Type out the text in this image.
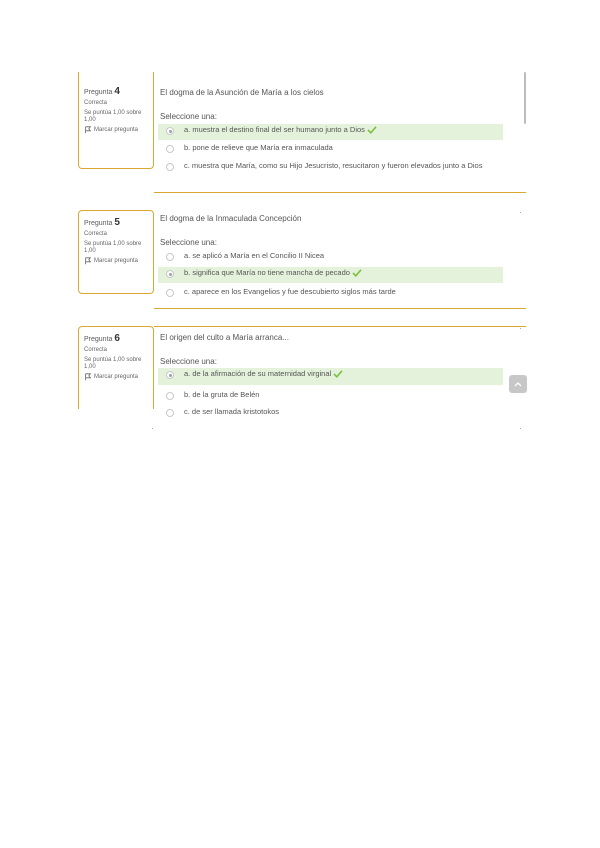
Pregunta 4
Correcta
Se puntúa 1,00 sobre 1,00
Marcar pregunta
El dogma de la Asunción de María a los cielos
Seleccione una:
a. muestra el destino final del ser humano junto a Dios
b. pone de relieve que María era inmaculada
c. muestra que María, como su Hijo Jesucristo, resucitaron y fueron elevados junto a Dios
Pregunta 5
Correcta
Se puntúa 1,00 sobre 1,00
Marcar pregunta
El dogma de la Inmaculada Concepción
Seleccione una:
a. se aplicó a María en el Concilio II Nicea
b. significa que María no tiene mancha de pecado
c. aparece en los Evangelios y fue descubierto siglos más tarde
Pregunta 6
Correcta
Se puntúa 1,00 sobre 1,00
Marcar pregunta
El origen del culto a María arranca...
Seleccione una:
a. de la afirmación de su maternidad virginal
b. de la gruta de Belén
c. de ser llamada kristotokos
